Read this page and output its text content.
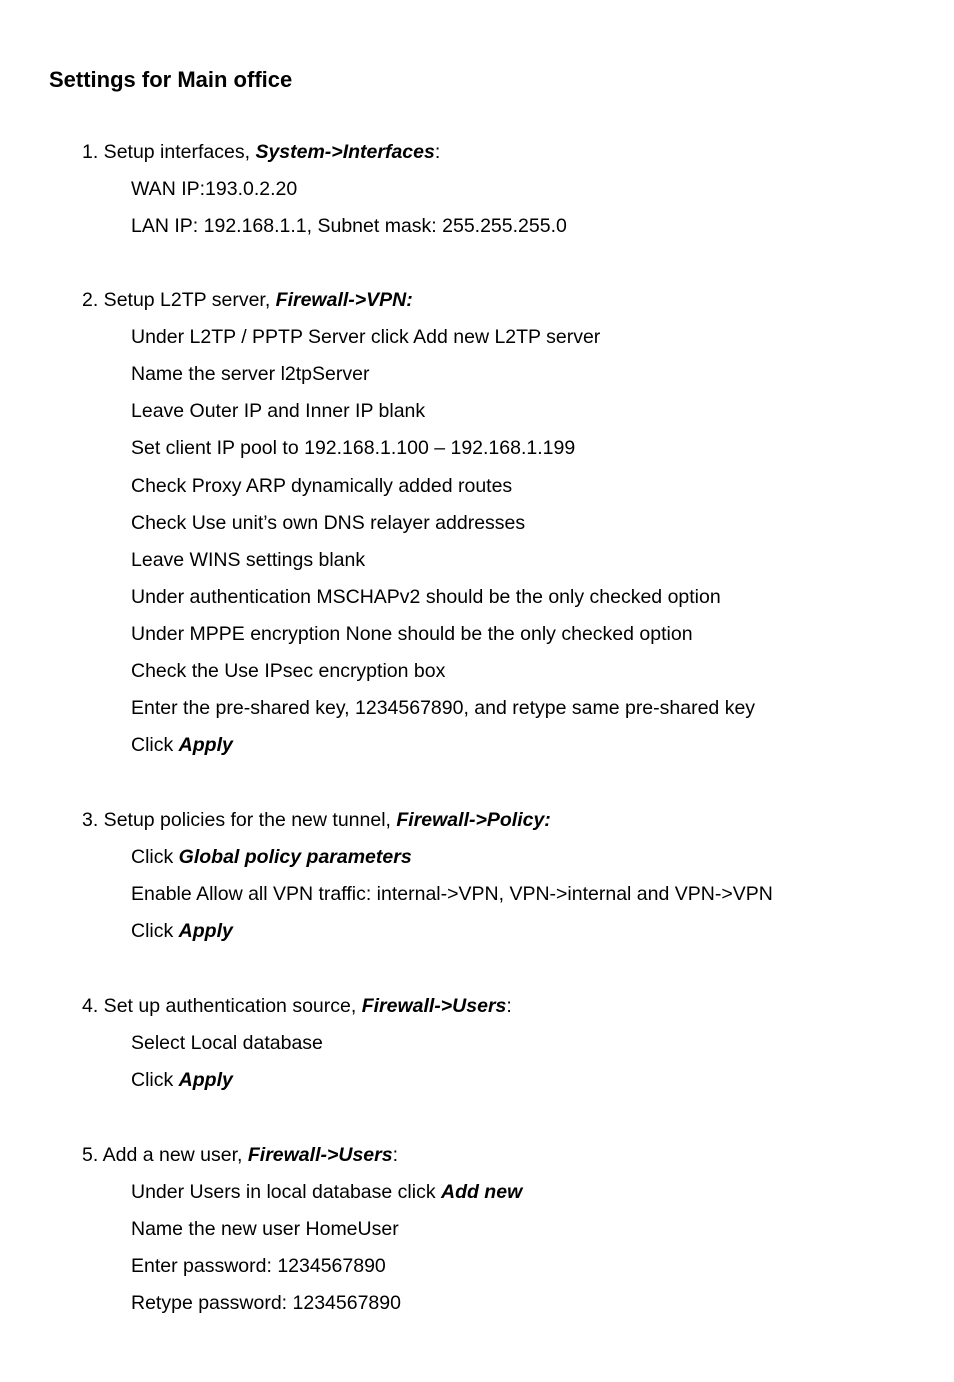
Settings for Main office
1. Setup interfaces, System->Interfaces:
WAN IP:193.0.2.20
LAN IP: 192.168.1.1, Subnet mask: 255.255.255.0
2. Setup L2TP server, Firewall->VPN:
Under L2TP / PPTP Server click Add new L2TP server
Name the server l2tpServer
Leave Outer IP and Inner IP blank
Set client IP pool to 192.168.1.100 – 192.168.1.199
Check Proxy ARP dynamically added routes
Check Use unit’s own DNS relayer addresses
Leave WINS settings blank
Under authentication MSCHAPv2 should be the only checked option
Under MPPE encryption None should be the only checked option
Check the Use IPsec encryption box
Enter the pre-shared key, 1234567890, and retype same pre-shared key
Click Apply
3. Setup policies for the new tunnel, Firewall->Policy:
Click Global policy parameters
Enable Allow all VPN traffic: internal->VPN, VPN->internal and VPN->VPN
Click Apply
4. Set up authentication source, Firewall->Users:
Select Local database
Click Apply
5. Add a new user, Firewall->Users:
Under Users in local database click Add new
Name the new user HomeUser
Enter password: 1234567890
Retype password: 1234567890
